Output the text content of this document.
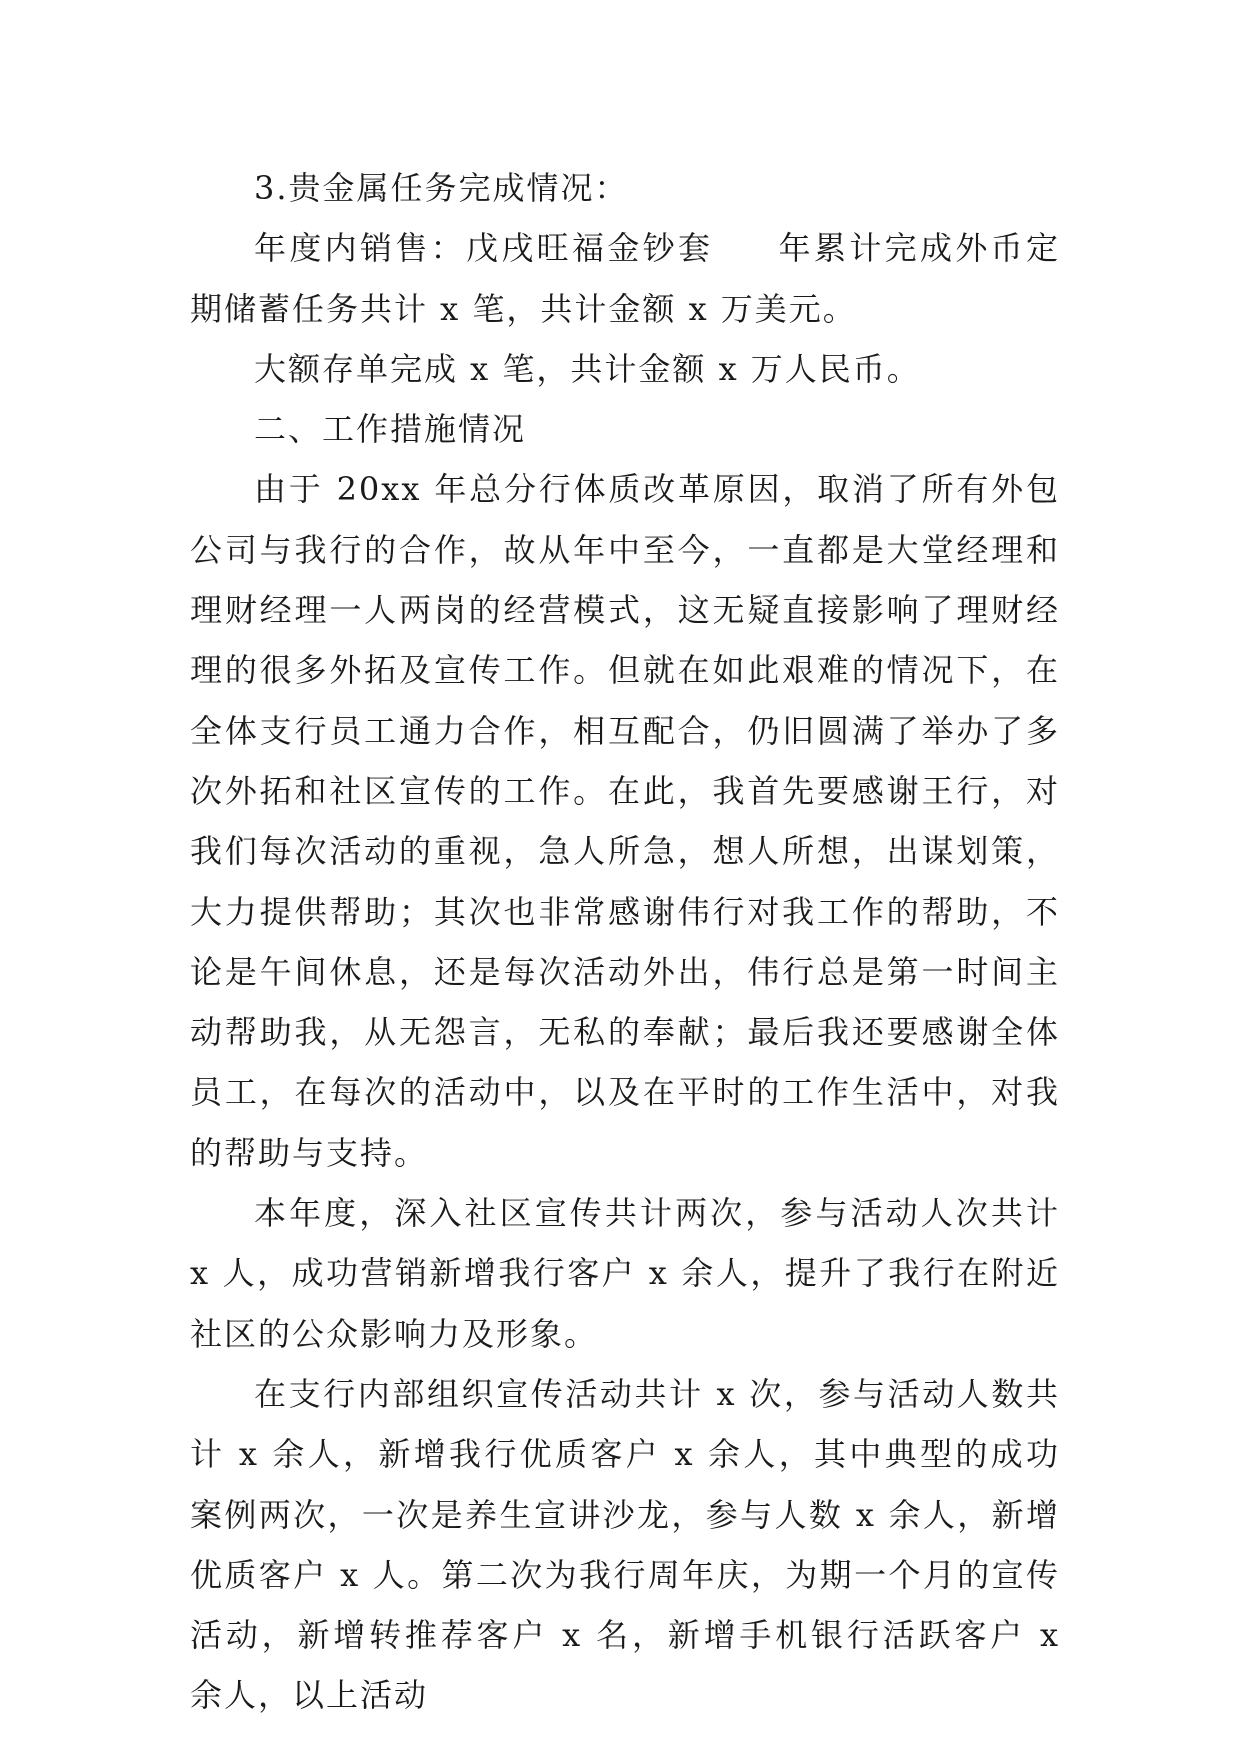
3.贵金属任务完成情况：

年度内销售：戊戌旺福金钞套 年累计完成外币定期储蓄任务共计 x 笔，共计金额 x 万美元。

大额存单完成 x 笔，共计金额 x 万人民币。

二、工作措施情况

由于 20xx 年总分行体质改革原因，取消了所有外包公司与我行的合作，故从年中至今，一直都是大堂经理和理财经理一人两岗的经营模式，这无疑直接影响了理财经理的很多外拓及宣传工作。但就在如此艰难的情况下，在全体支行员工通力合作，相互配合，仍旧圆满了举办了多次外拓和社区宣传的工作。在此，我首先要感谢王行，对我们每次活动的重视，急人所急，想人所想，出谋划策，大力提供帮助；其次也非常感谢伟行对我工作的帮助，不论是午间休息，还是每次活动外出，伟行总是第一时间主动帮助我，从无怨言，无私的奉献；最后我还要感谢全体员工，在每次的活动中，以及在平时的工作生活中，对我的帮助与支持。

本年度，深入社区宣传共计两次，参与活动人次共计 x 人，成功营销新增我行客户 x 余人，提升了我行在附近社区的公众影响力及形象。

在支行内部组织宣传活动共计 x 次，参与活动人数共计 x 余人，新增我行优质客户 x 余人，其中典型的成功案例两次，一次是养生宣讲沙龙，参与人数 x 余人，新增优质客户 x 人。第二次为我行周年庆，为期一个月的宣传活动，新增转推荐客户 x 名，新增手机银行活跃客户 x 余人，以上活动
